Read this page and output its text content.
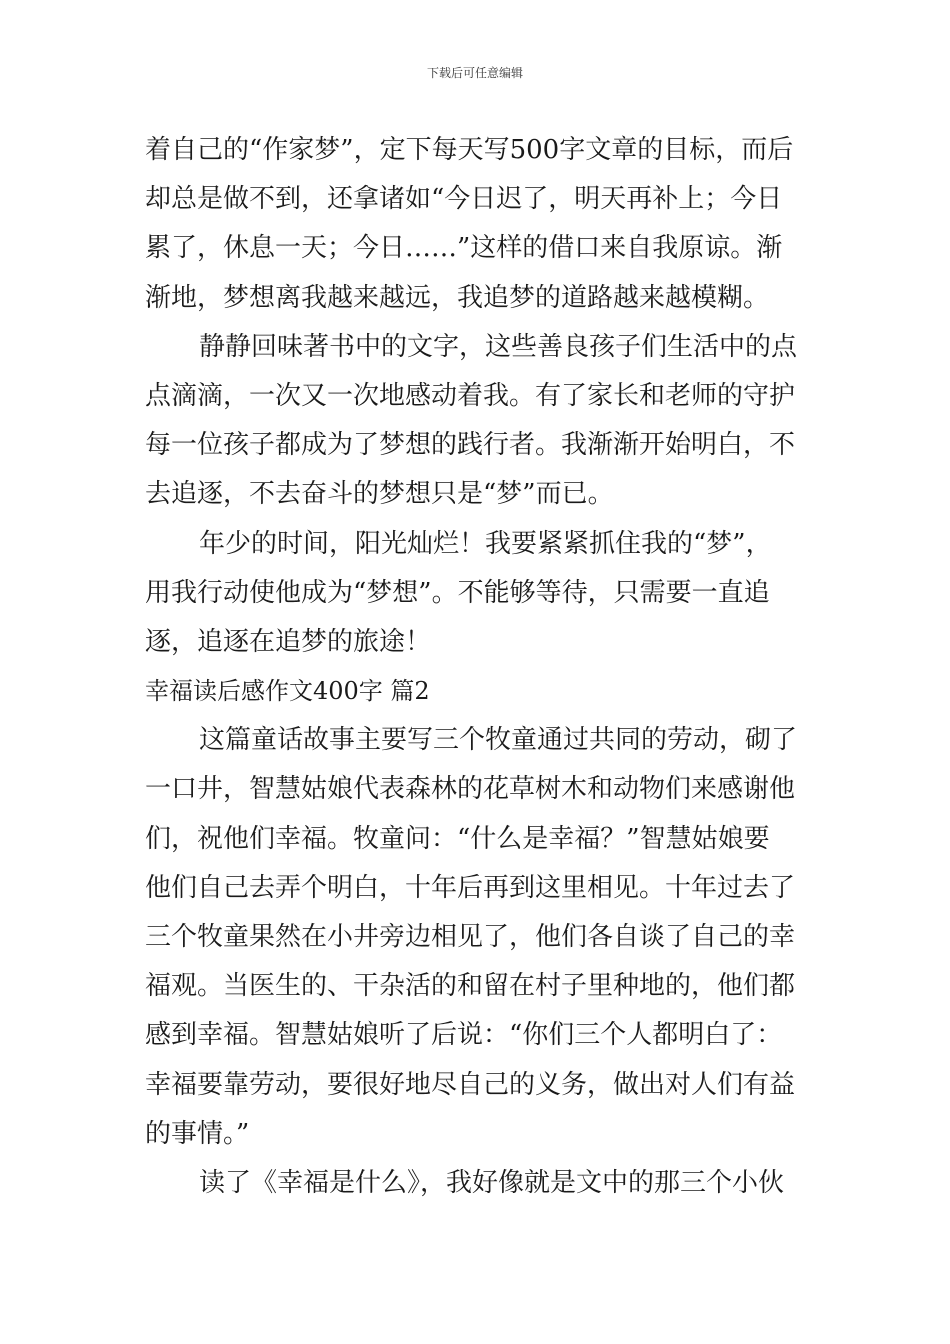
下载后可任意编辑
着自己的“作家梦”，定下每天写500字文章的目标，而后
却总是做不到，还拿诸如“今日迟了，明天再补上；今日
累了，休息一天；今日……”这样的借口来自我原谅。渐
渐地，梦想离我越来越远，我追梦的道路越来越模糊。
静静回味著书中的文字，这些善良孩子们生活中的点
点滴滴，一次又一次地感动着我。有了家长和老师的守护
每一位孩子都成为了梦想的践行者。我渐渐开始明白，不
去追逐，不去奋斗的梦想只是“梦”而已。
年少的时间，阳光灿烂！我要紧紧抓住我的“梦”，
用我行动使他成为“梦想”。不能够等待，只需要一直追
逐，追逐在追梦的旅途！
幸福读后感作文400字 篇2
这篇童话故事主要写三个牧童通过共同的劳动，砌了
一口井，智慧姑娘代表森林的花草树木和动物们来感谢他
们，祝他们幸福。牧童问：“什么是幸福？”智慧姑娘要
他们自己去弄个明白，十年后再到这里相见。十年过去了
三个牧童果然在小井旁边相见了，他们各自谈了自己的幸
福观。当医生的、干杂活的和留在村子里种地的，他们都
感到幸福。智慧姑娘听了后说：“你们三个人都明白了：
幸福要靠劳动，要很好地尽自己的义务，做出对人们有益
的事情。”
读了《幸福是什么》，我好像就是文中的那三个小伙
